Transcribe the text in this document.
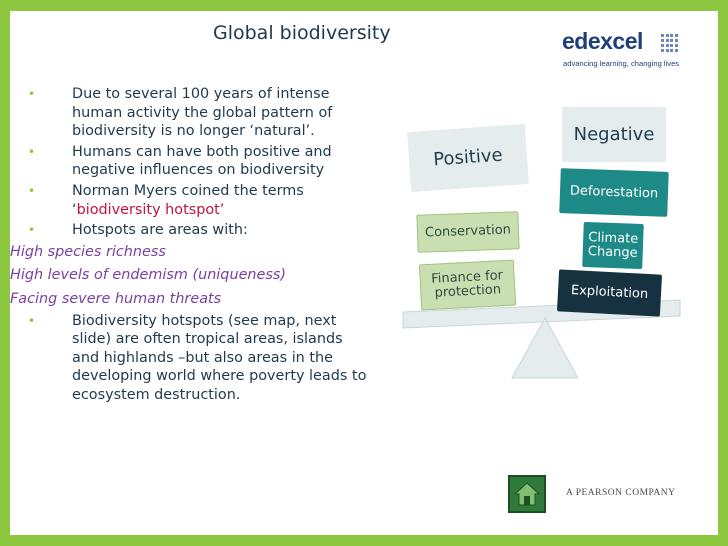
Global biodiversity	edexcel
advancing learning, changing lives
•	Due to several 100 years of intense human activity the global pattern of biodiversity is no longer ‘natural’.
•	Humans can have both positive and negative influences on biodiversity
•	Norman Myers coined the terms ‘biodiversity hotspot’
•	Hotspots are areas with:
High species richness
High levels of endemism (uniqueness)
Facing severe human threats
•	Biodiversity hotspots (see map, next slide) are often tropical areas, islands and highlands –but also areas in the developing world where poverty leads to ecosystem destruction.
Negative
Positive
Conservation
Finance for protection
Deforestation
Climate Change
Exploitation
A PEARSON COMPANY
